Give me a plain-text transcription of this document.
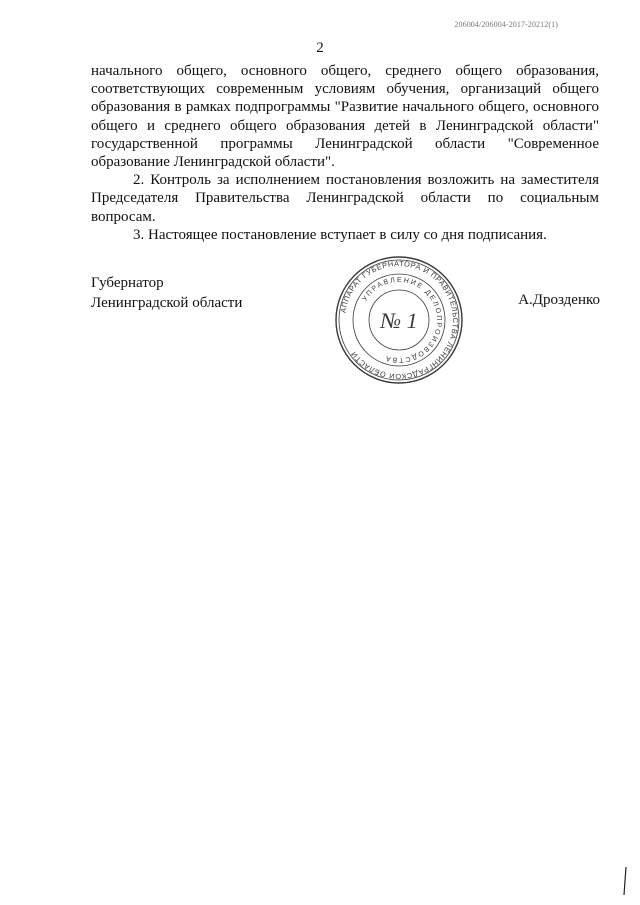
206004/206004-2017-20212(1)
2

начального общего, основного общего, среднего общего образования, соответствующих современным условиям обучения, организаций общего образования в рамках подпрограммы "Развитие начального общего, основного общего и среднего общего образования детей в Ленинградской области" государственной программы Ленинградской области "Современное образование Ленинградской области".

2. Контроль за исполнением постановления возложить на заместителя Председателя Правительства Ленинградской области по социальным вопросам.

3. Настоящее постановление вступает в силу со дня подписания.

Губернатор
Ленинградской области	А.Дрозденко
АППАРАТ ГУБЕРНАТОРА И ПРАВИТЕЛЬСТВА ЛЕНИНГРАДСКОЙ ОБЛАСТИ
УПРАВЛЕНИЕ ДЕЛОПРОИЗВОДСТВА
№ 1
